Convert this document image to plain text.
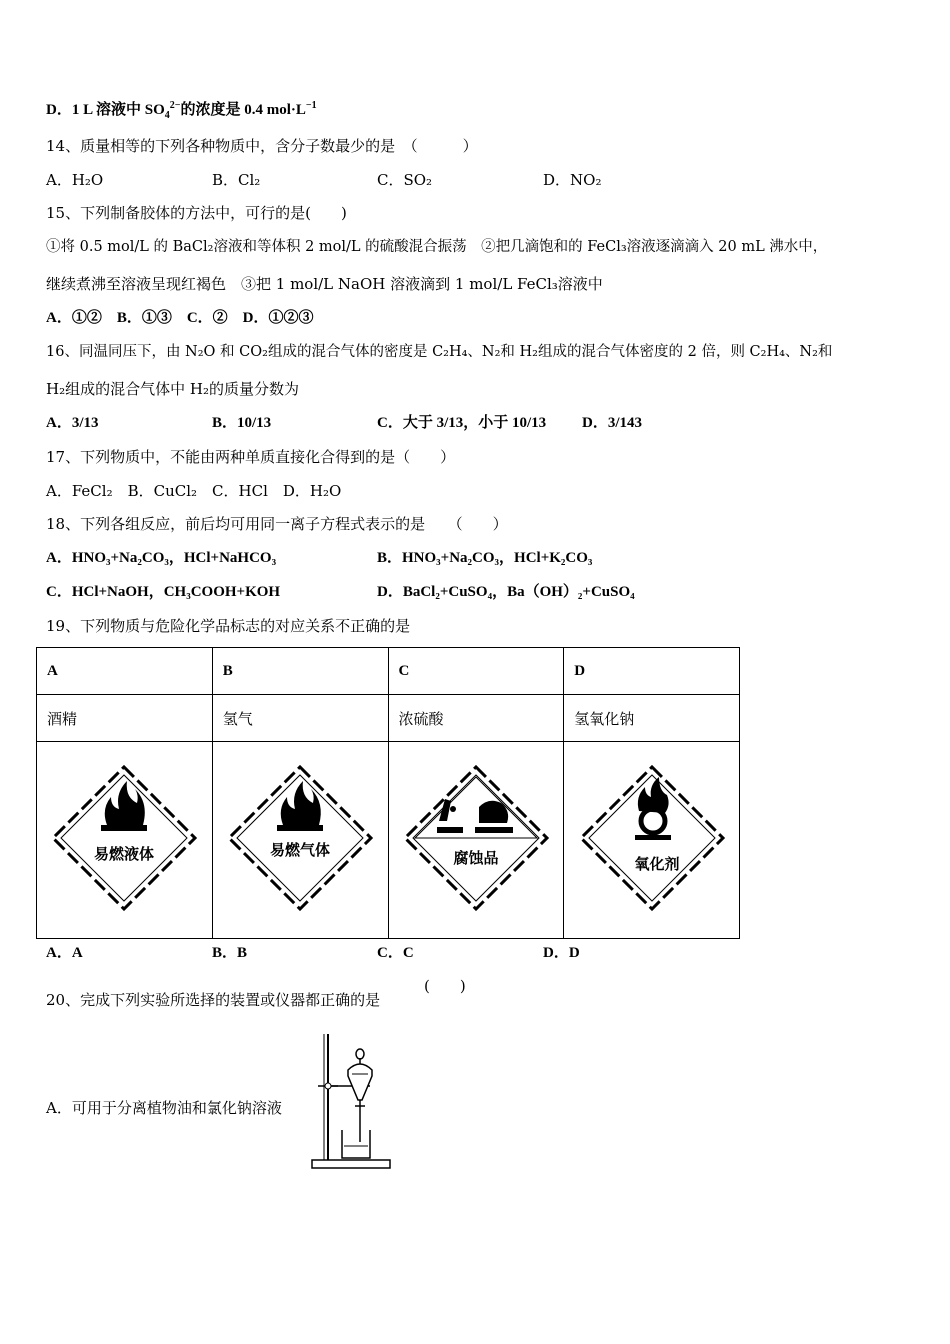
D．1 L 溶液中 $SO_4^{2-}$的浓度是 0.4 $mol\cdot L^{-1}$
14、质量相等的下列各种物质中，含分子数最少的是　（　　　）
A．H₂O	B．Cl₂	C．SO₂	D．NO₂
15、下列制备胶体的方法中，可行的是(　　)
①将 0.5 mol/L 的 BaCl₂溶液和等体积 2 mol/L 的硫酸混合振荡　②把几滴饱和的 FeCl₃溶液逐滴滴入 20 mL 沸水中，
继续煮沸至溶液呈现红褐色　③把 1 mol/L NaOH 溶液滴到 1 mol/L FeCl₃溶液中
A．①②　B．①③　C．②　D．①②③
16、同温同压下，由 N₂O 和 CO₂组成的混合气体的密度是 C₂H₄、N₂和 H₂组成的混合气体密度的 2 倍，则 C₂H₄、N₂和
H₂组成的混合气体中 H₂的质量分数为
A．3/13	B．10/13	C．大于 3/13，小于 10/13 D．3/143
17、下列物质中，不能由两种单质直接化合得到的是（　　）
A．FeCl₂　B．CuCl₂　C．HCl　D．H₂O
18、下列各组反应，前后均可用同一离子方程式表示的是　　（　　）
A．HNO₃+Na₂CO₃，HCl+NaHCO₃	B．HNO₃+Na₂CO₃，HCl+K₂CO₃
C．HCl+NaOH，CH₃COOH+KOH	D．BaCl₂+CuSO₄，Ba（OH）₂+CuSO₄
19、下列物质与危险化学品标志的对应关系不正确的是
A	B	C	D
酒精	氢气	浓硫酸	氢氧化钠

易燃液体	易燃气体	腐蚀品	氧化剂
A．A	B．B	C．C	D．D
20、完成下列实验所选择的装置或仪器都正确的是
(　　)
A．可用于分离植物油和氯化钠溶液
